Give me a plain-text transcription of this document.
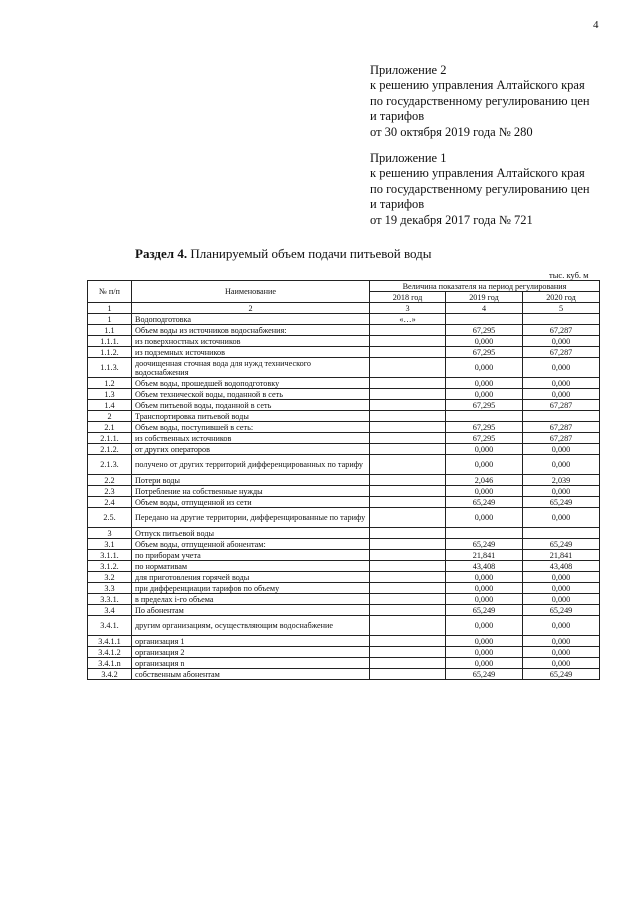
4
Приложение 2
к решению управления Алтайского края
по государственному регулированию цен
и тарифов
от 30 октября 2019 года № 280
Приложение 1
к решению управления Алтайского края
по государственному регулированию цен
и тарифов
от 19 декабря 2017 года № 721
Раздел 4. Планируемый объем подачи питьевой воды
тыс. куб. м
№ п/п	Наименование	Величина показателя на период регулирования		
		2018 год	2019 год	2020 год
1	2	3	4	5
1	Водоподготовка	«…»		
1.1	Объем воды из источников водоснабжения:		67,295	67,287
1.1.1.	из поверхностных источников		0,000	0,000
1.1.2.	из подземных источников		67,295	67,287
1.1.3.	доочищенная сточная вода для нужд технического водоснабжения		0,000	0,000
1.2	Объем воды, прошедшей водоподготовку		0,000	0,000
1.3	Объем технической воды, поданной в сеть		0,000	0,000
1.4	Объем питьевой воды, поданной в сеть		67,295	67,287
2	Транспортировка питьевой воды			
2.1	Объем воды, поступившей в сеть:		67,295	67,287
2.1.1.	из собственных источников		67,295	67,287
2.1.2.	от других операторов		0,000	0,000
2.1.3.	получено от других территорий дифференцированных по тарифу		0,000	0,000
2.2	Потери воды		2,046	2,039
2.3	Потребление на собственные нужды		0,000	0,000
2.4	Объем воды, отпущенной из сети		65,249	65,249
2.5.	Передано на другие территории, дифференцированные по тарифу		0,000	0,000
3	Отпуск питьевой воды			
3.1	Объем воды, отпущенной абонентам:		65,249	65,249
3.1.1.	по приборам учета		21,841	21,841
3.1.2.	по нормативам		43,408	43,408
3.2	для приготовления горячей воды		0,000	0,000
3.3	при дифференциации тарифов по объему		0,000	0,000
3.3.1.	в пределах i-го объема		0,000	0,000
3.4	По абонентам		65,249	65,249
3.4.1.	другим организациям, осуществляющим водоснабжение		0,000	0,000
3.4.1.1	организация 1		0,000	0,000
3.4.1.2	организация 2		0,000	0,000
3.4.1.n	организация n		0,000	0,000
3.4.2	собственным абонентам		65,249	65,249
